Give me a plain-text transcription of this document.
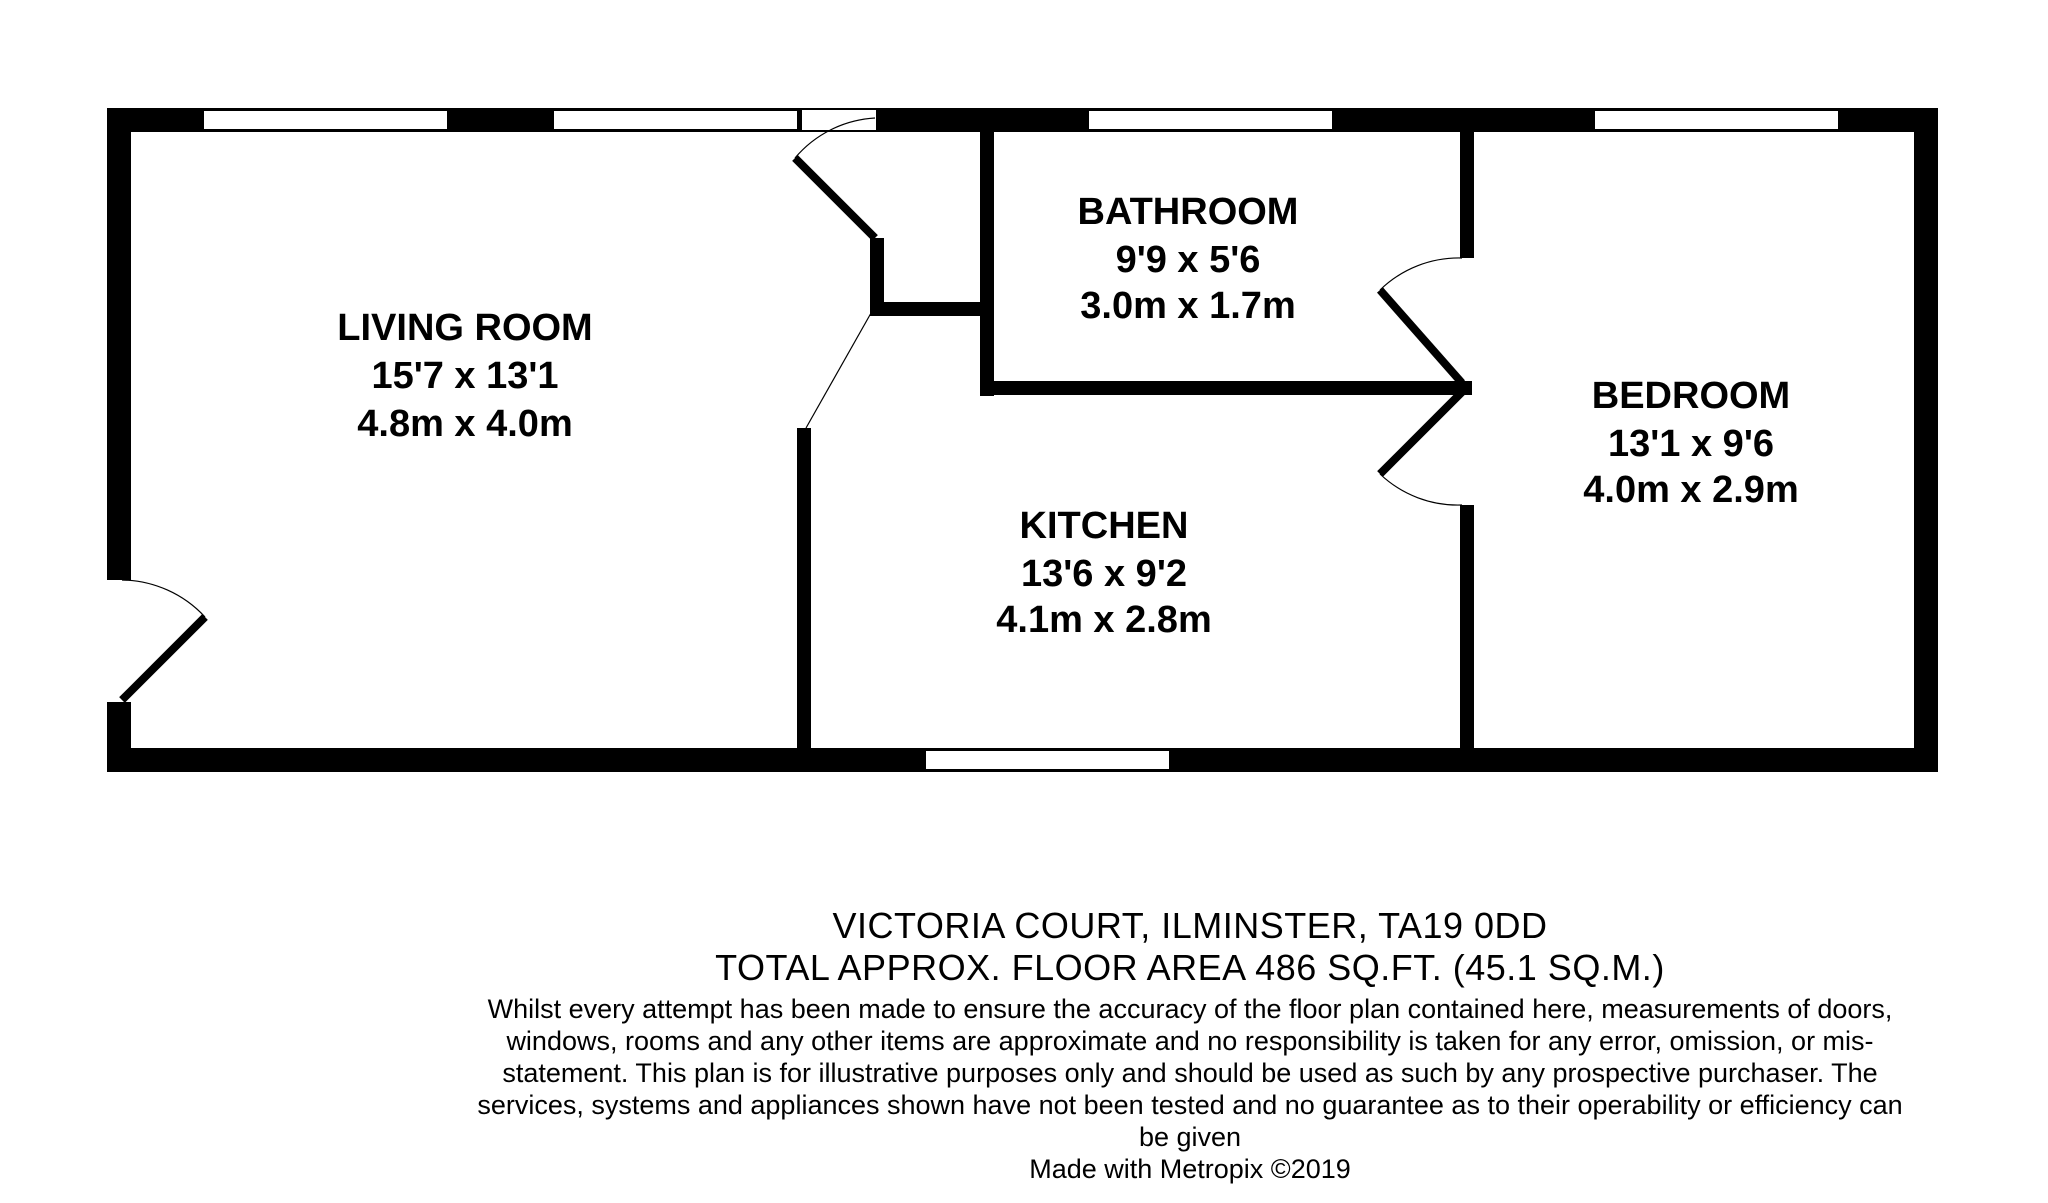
LIVING ROOM
15'7 x 13'1
4.8m x 4.0m
BATHROOM
9'9 x 5'6
3.0m x 1.7m
KITCHEN
13'6 x 9'2
4.1m x 2.8m
BEDROOM
13'1 x 9'6
4.0m x 2.9m
VICTORIA COURT, ILMINSTER, TA19 0DD
TOTAL APPROX. FLOOR AREA 486 SQ.FT. (45.1 SQ.M.)
Whilst every attempt has been made to ensure the accuracy of the floor plan contained here, measurements of doors, windows, rooms and any other items are approximate and no responsibility is taken for any error, omission, or mis-statement. This plan is for illustrative purposes only and should be used as such by any prospective purchaser. The services, systems and appliances shown have not been tested and no guarantee as to their operability or efficiency can be given
Made with Metropix ©2019
